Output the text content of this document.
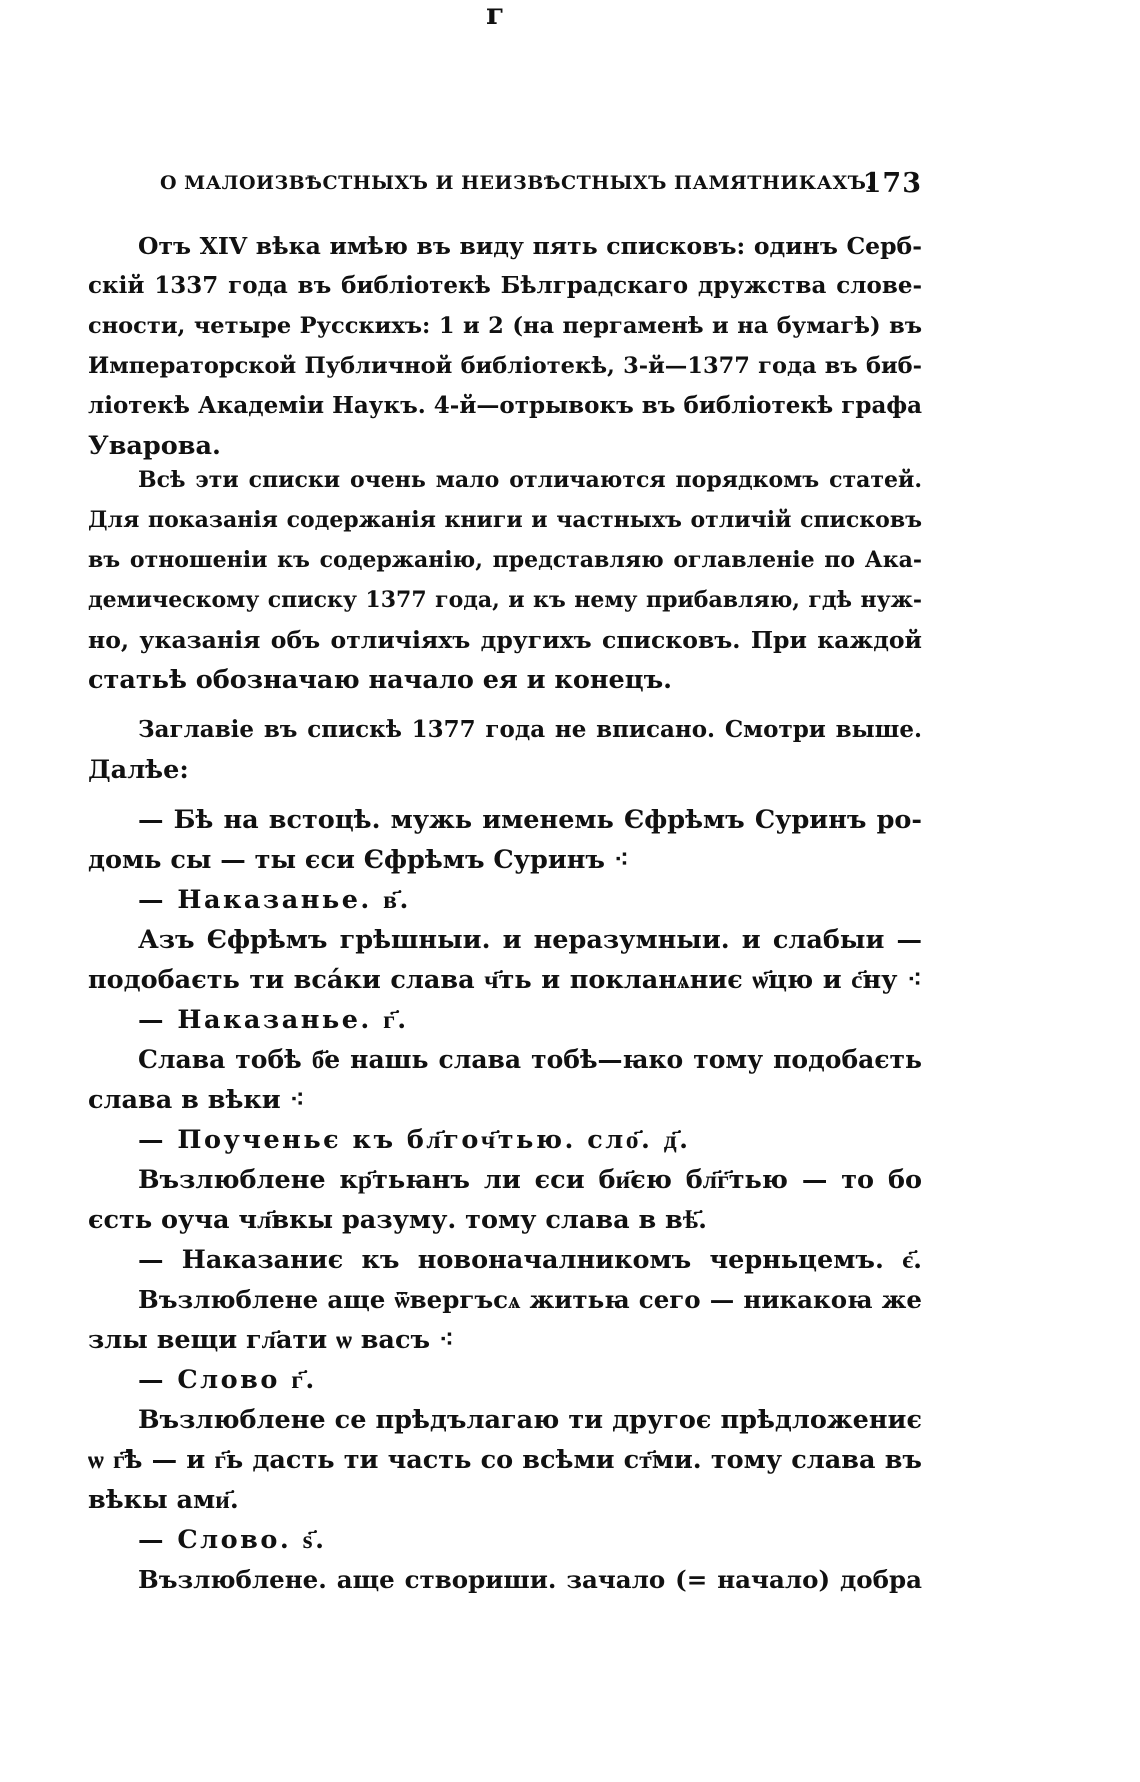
г
О МАЛОИЗВѢСТНЫХЪ И НЕИЗВѢСТНЫХЪ ПАМЯТНИКАХЪ.
173
Отъ XIV вѣка имѣю въ виду пять списковъ: одинъ Серб-
скій 1337 года въ библіотекѣ Бѣлградскаго дружства слове-
сности, четыре Русскихъ: 1 и 2 (на пергаменѣ и на бумагѣ) въ
Императорской Публичной библіотекѣ, 3-й—1377 года въ биб-
ліотекѣ Академіи Наукъ. 4-й—отрывокъ въ библіотекѣ графа
Уварова.
Всѣ эти списки очень мало отличаются порядкомъ статей.
Для показанія содержанія книги и частныхъ отличій списковъ
въ отношеніи къ содержанію, представляю оглавленіе по Ака-
демическому списку 1377 года, и къ нему прибавляю, гдѣ нуж-
но, указанія объ отличіяхъ другихъ списковъ. При каждой
статьѣ обозначаю начало ея и конецъ.
Заглавіе въ спискѣ 1377 года не вписано. Смотри выше.
Далѣе:
— Бѣ на встоцѣ. мужь именемь Єфрѣмъ Суринъ ро-
домь сы — ты єси Єфрѣмъ Суринъ ⁖
— Наказанье. в҃.
Азъ Єфрѣмъ грѣшныи. и неразумныи. и слабыи —
подобаєть ти вса́ки слава ч҃ть и покланѧниє ѡ҃цю и с҃ну ⁖
— Наказанье. г҃.
Слава тобѣ б҃е нашь слава тобѣ—ꙗко тому подобаєть
слава в вѣки ⁖
— Поученьє къ бл҃гоч҃тью. сло҃. д҃.
Възлюблене кр҃тьꙗнъ ли єси би҃єю бл҃г҃тью — то бо
єсть оуча чл҃вкы разуму. тому слава в вѣ҃.
— Наказаниє къ новоначалникомъ черньцемъ. є҃.
Възлюблене аще ѿвергъсѧ житьꙗ сего — никакоꙗ же
злы вещи гл҃ати ѡ васъ ⁖
— Слово г҃.
Възлюблене се прѣдълагаю ти другоє прѣдложениє
ѡ г҃ѣ — и г҃ь дасть ти часть со всѣми ст҃ми. тому слава въ
вѣкы ами҃.
— Слово. ѕ҃.
Възлюблене. аще створиши. зачало (= начало) добра
